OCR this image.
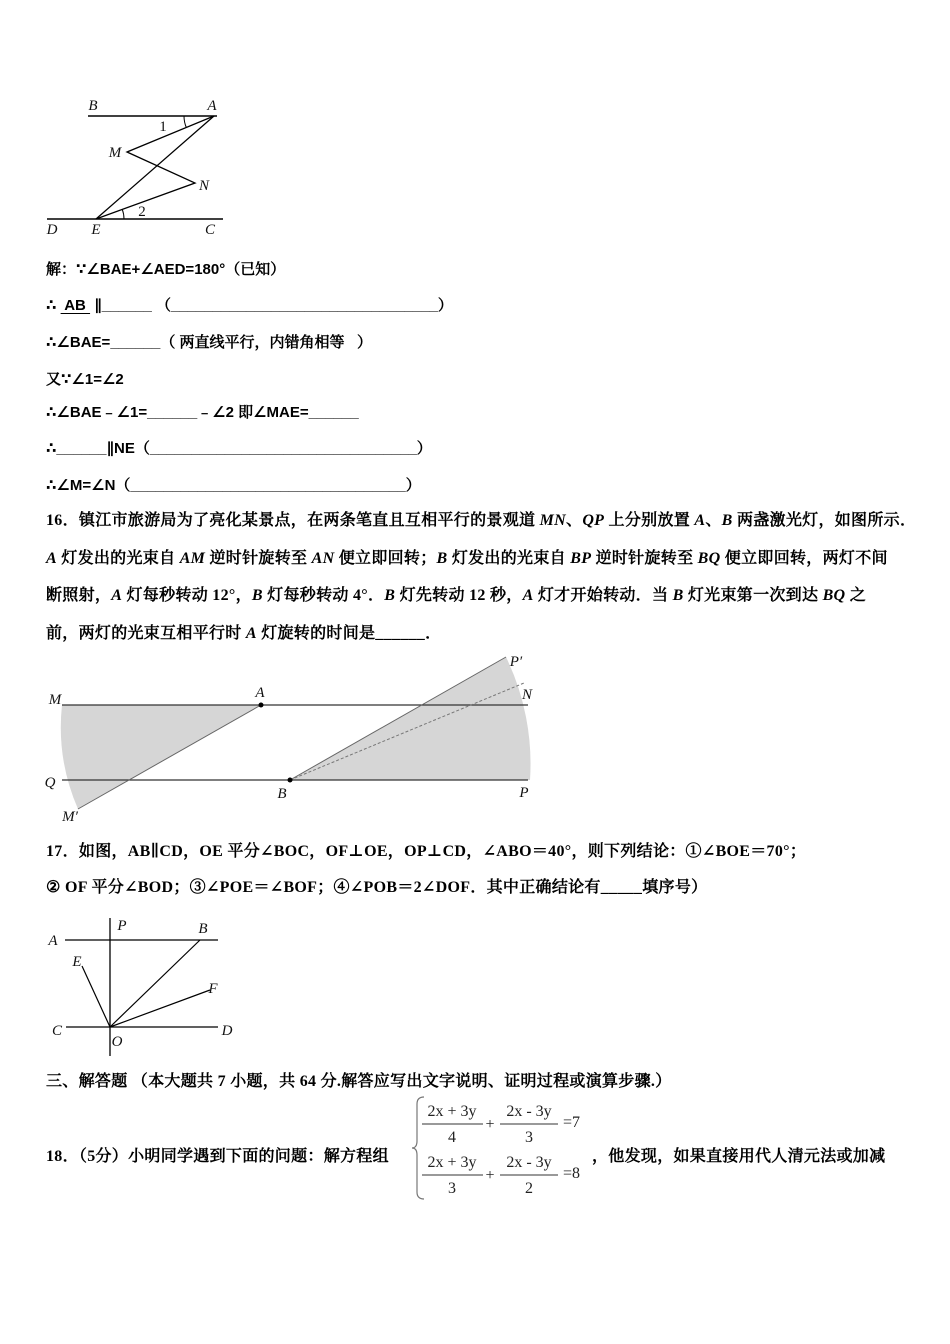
B	A
M
N
D E	C
1
2
解：∵∠BAE+∠AED=180°（已知）
∴  AB  ∥______ （________________________________）
∴∠BAE=______（ 两直线平行，内错角相等   ）
又∵∠1=∠2
∴∠BAE﹣∠1=______﹣∠2 即∠MAE=______
∴______∥NE（________________________________）
∴∠M=∠N（_________________________________）
16．镇江市旅游局为了亮化某景点，在两条笔直且互相平行的景观道 MN、QP 上分别放置 A、B 两盏激光灯，如图所示．
A 灯发出的光束自 AM 逆时针旋转至 AN 便立即回转；B 灯发出的光束自 BP 逆时针旋转至 BQ 便立即回转，两灯不间
断照射，A 灯每秒转动 12°，B 灯每秒转动 4°．B 灯先转动 12 秒，A 灯才开始转动．当 B 灯光束第一次到达 BQ 之
前，两灯的光束互相平行时 A 灯旋转的时间是______．
M	A	N
P′
Q
B	P
M′
17．如图，AB∥CD，OE 平分∠BOC，OF⊥OE，OP⊥CD，∠ABO＝40°，则下列结论：①∠BOE＝70°；
② OF 平分∠BOD；③∠POE＝∠BOF；④∠POB＝2∠DOF．其中正确结论有_____填序号）
A
P	B
E
F
C	D
O
三、解答题 （本大题共 7 小题，共 64 分.解答应写出文字说明、证明过程或演算步骤.）
18．（5分）小明同学遇到下面的问题：解方程组
2x + 3y
4
+
2x - 3y
3
=7
2x + 3y
3
+
2x - 3y
2
=8
，他发现，如果直接用代人清元法或加减
